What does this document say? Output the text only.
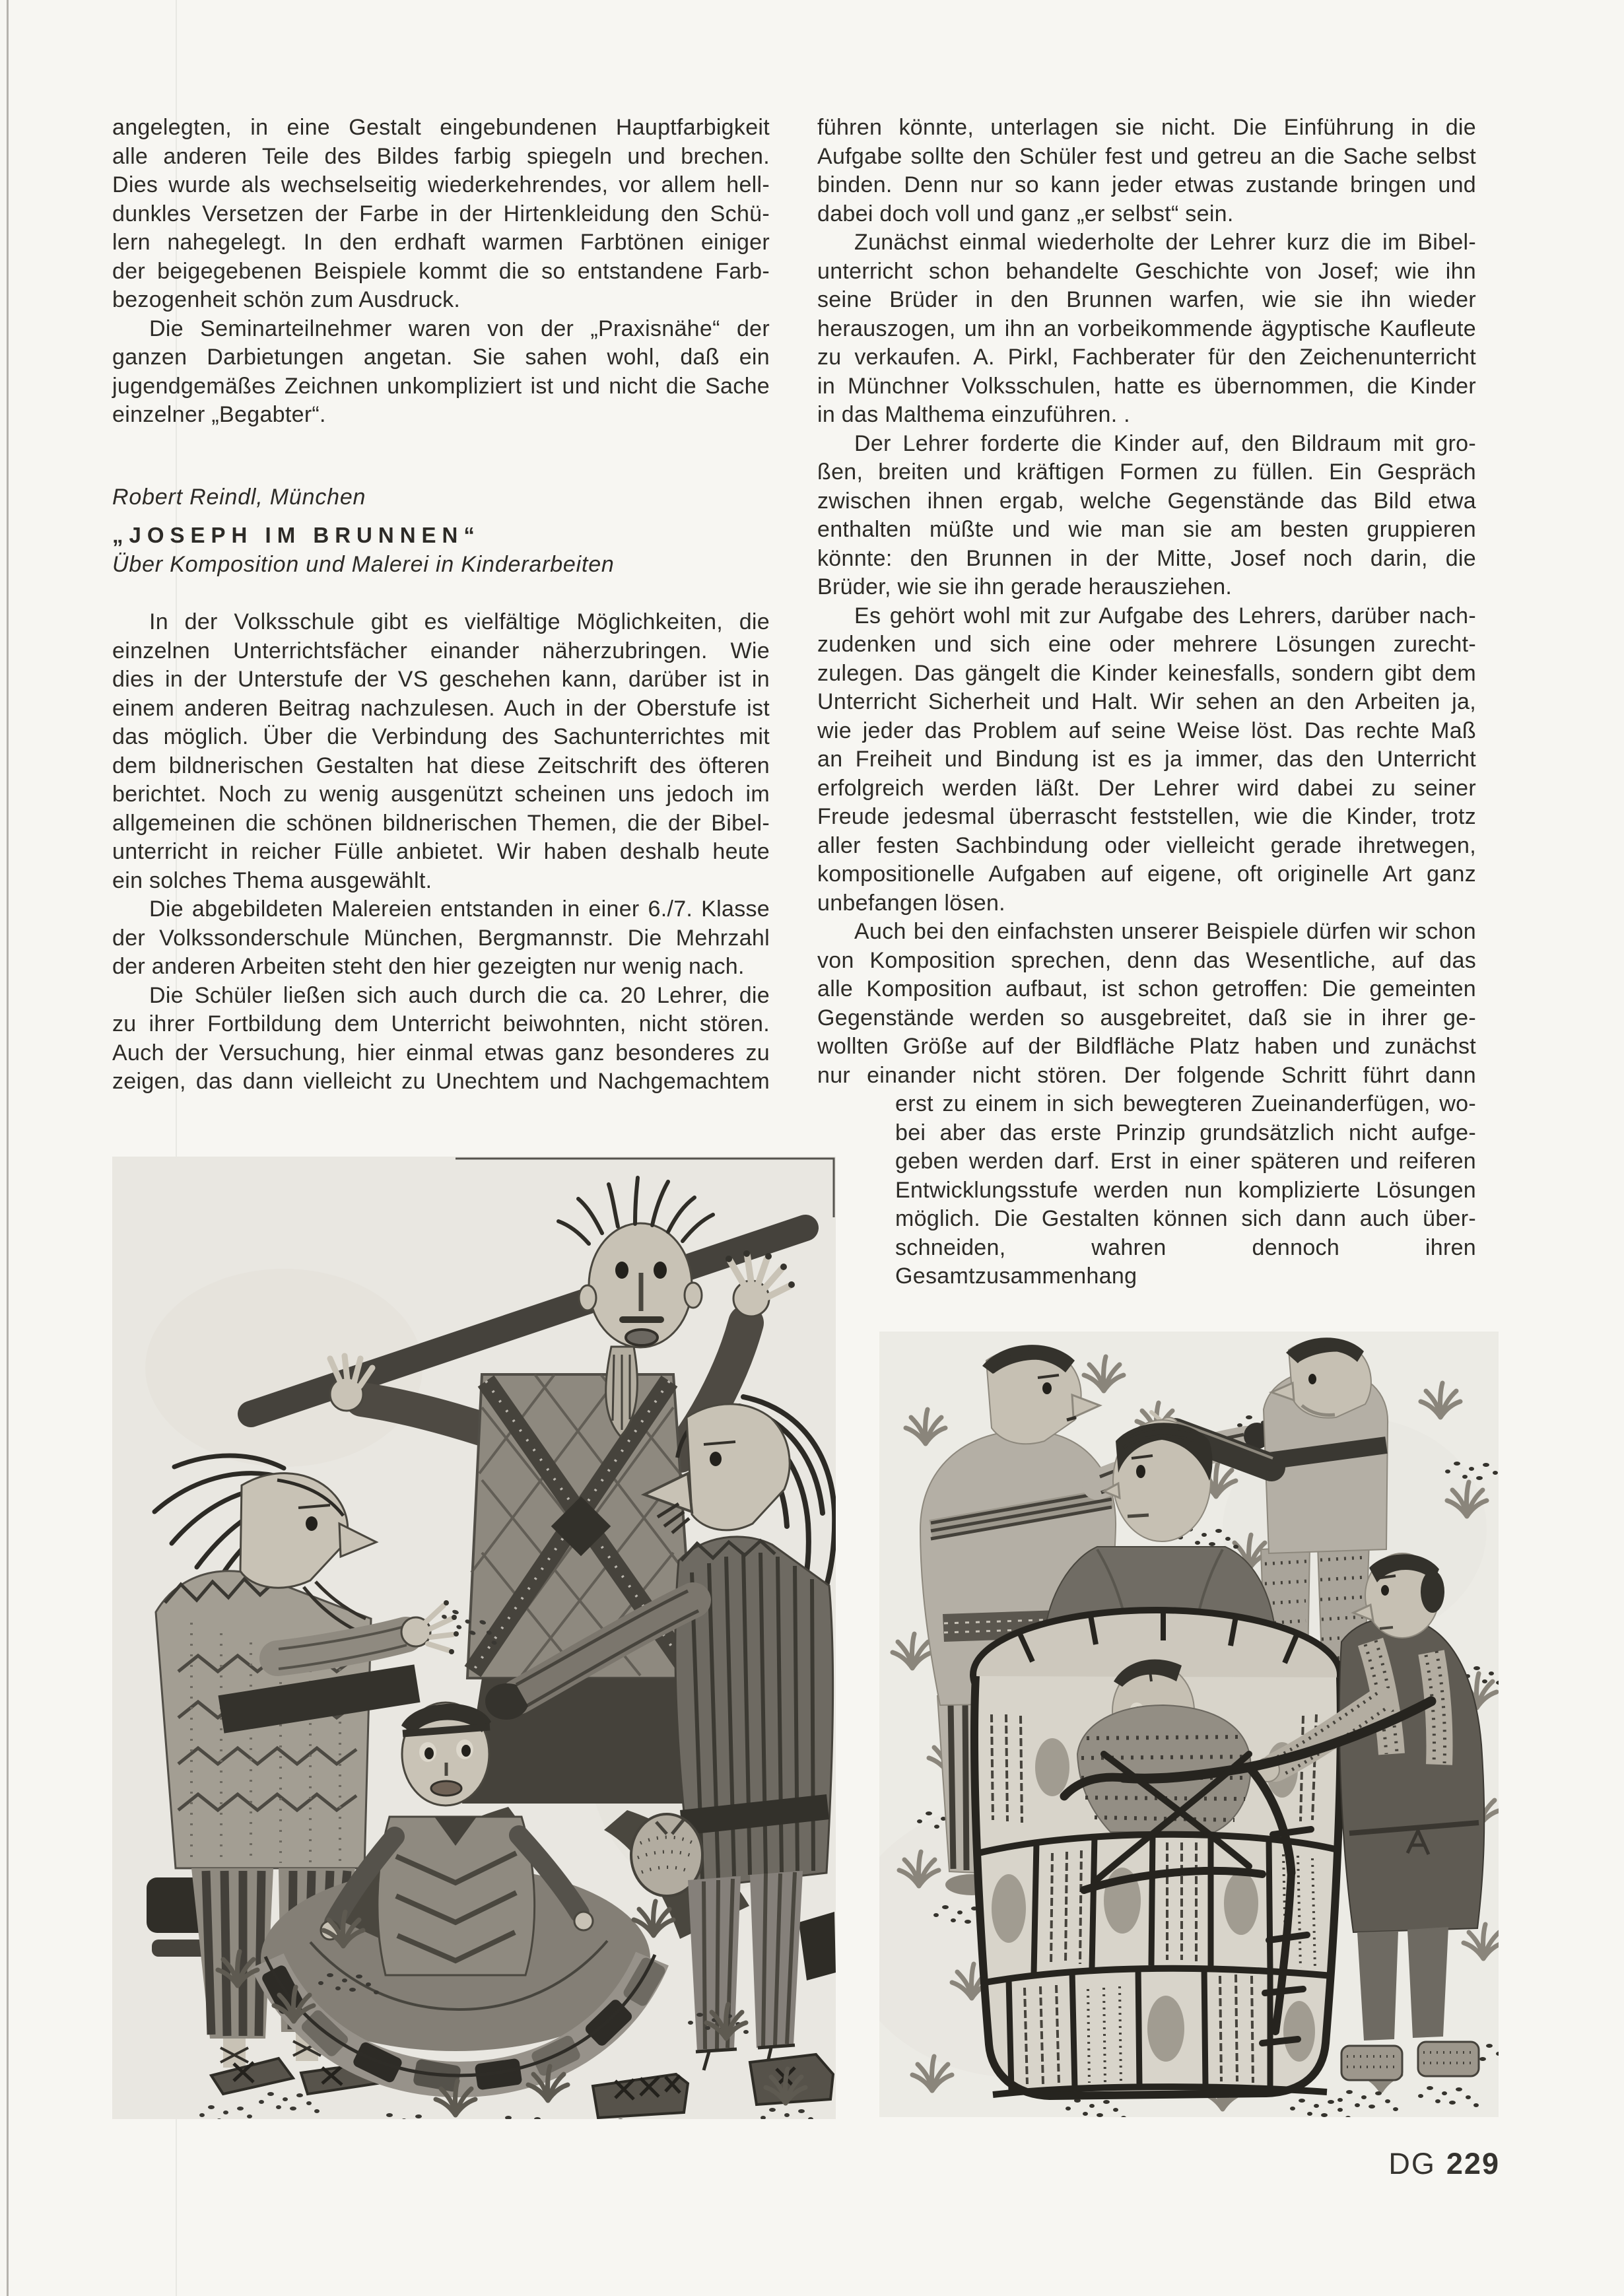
angelegten, in eine Gestalt eingebundenen Hauptfarbigkeit
alle anderen Teile des Bildes farbig spiegeln und brechen.
Dies wurde als wechselseitig wiederkehrendes, vor allem hell-
dunkles Versetzen der Farbe in der Hirtenkleidung den Schü-
lern nahegelegt. In den erdhaft warmen Farbtönen einiger
der beigegebenen Beispiele kommt die so entstandene Farb-
bezogenheit schön zum Ausdruck.
Die Seminarteilnehmer waren von der „Praxisnähe“ der
ganzen Darbietungen angetan. Sie sahen wohl, daß ein
jugendgemäßes Zeichnen unkompliziert ist und nicht die Sache
einzelner „Begabter“.
Robert Reindl, München
„JOSEPH IM BRUNNEN“
Über Komposition und Malerei in Kinderarbeiten
In der Volksschule gibt es vielfältige Möglichkeiten, die
einzelnen Unterrichtsfächer einander näherzubringen. Wie
dies in der Unterstufe der VS geschehen kann, darüber ist in
einem anderen Beitrag nachzulesen. Auch in der Oberstufe ist
das möglich. Über die Verbindung des Sachunterrichtes mit
dem bildnerischen Gestalten hat diese Zeitschrift des öfteren
berichtet. Noch zu wenig ausgenützt scheinen uns jedoch im
allgemeinen die schönen bildnerischen Themen, die der Bibel-
unterricht in reicher Fülle anbietet. Wir haben deshalb heute
ein solches Thema ausgewählt.
Die abgebildeten Malereien entstanden in einer 6./7. Klasse
der Volkssonderschule München, Bergmannstr. Die Mehrzahl
der anderen Arbeiten steht den hier gezeigten nur wenig nach.
Die Schüler ließen sich auch durch die ca. 20 Lehrer, die
zu ihrer Fortbildung dem Unterricht beiwohnten, nicht stören.
Auch der Versuchung, hier einmal etwas ganz besonderes zu
zeigen, das dann vielleicht zu Unechtem und Nachgemachtem
führen könnte, unterlagen sie nicht. Die Einführung in die
Aufgabe sollte den Schüler fest und getreu an die Sache selbst
binden. Denn nur so kann jeder etwas zustande bringen und
dabei doch voll und ganz „er selbst“ sein.
Zunächst einmal wiederholte der Lehrer kurz die im Bibel-
unterricht schon behandelte Geschichte von Josef; wie ihn
seine Brüder in den Brunnen warfen, wie sie ihn wieder
herauszogen, um ihn an vorbeikommende ägyptische Kaufleute
zu verkaufen. A. Pirkl, Fachberater für den Zeichenunterricht
in Münchner Volksschulen, hatte es übernommen, die Kinder
in das Malthema einzuführen. .
Der Lehrer forderte die Kinder auf, den Bildraum mit gro-
ßen, breiten und kräftigen Formen zu füllen. Ein Gespräch
zwischen ihnen ergab, welche Gegenstände das Bild etwa
enthalten müßte und wie man sie am besten gruppieren
könnte: den Brunnen in der Mitte, Josef noch darin, die
Brüder, wie sie ihn gerade herausziehen.
Es gehört wohl mit zur Aufgabe des Lehrers, darüber nach-
zudenken und sich eine oder mehrere Lösungen zurecht-
zulegen. Das gängelt die Kinder keinesfalls, sondern gibt dem
Unterricht Sicherheit und Halt. Wir sehen an den Arbeiten ja,
wie jeder das Problem auf seine Weise löst. Das rechte Maß
an Freiheit und Bindung ist es ja immer, das den Unterricht
erfolgreich werden läßt. Der Lehrer wird dabei zu seiner
Freude jedesmal überrascht feststellen, wie die Kinder, trotz
aller festen Sachbindung oder vielleicht gerade ihretwegen,
kompositionelle Aufgaben auf eigene, oft originelle Art ganz
unbefangen lösen.
Auch bei den einfachsten unserer Beispiele dürfen wir schon
von Komposition sprechen, denn das Wesentliche, auf das
alle Komposition aufbaut, ist schon getroffen: Die gemeinten
Gegenstände werden so ausgebreitet, daß sie in ihrer ge-
wollten Größe auf der Bildfläche Platz haben und zunächst
nur einander nicht stören. Der folgende Schritt führt dann
erst zu einem in sich bewegteren Zueinanderfügen, wo-
bei aber das erste Prinzip grundsätzlich nicht aufge-
geben werden darf. Erst in einer späteren und reiferen
Entwicklungsstufe werden nun komplizierte Lösungen
möglich. Die Gestalten können sich dann auch über-
schneiden, wahren dennoch ihren Gesamtzusammenhang
DG 229
